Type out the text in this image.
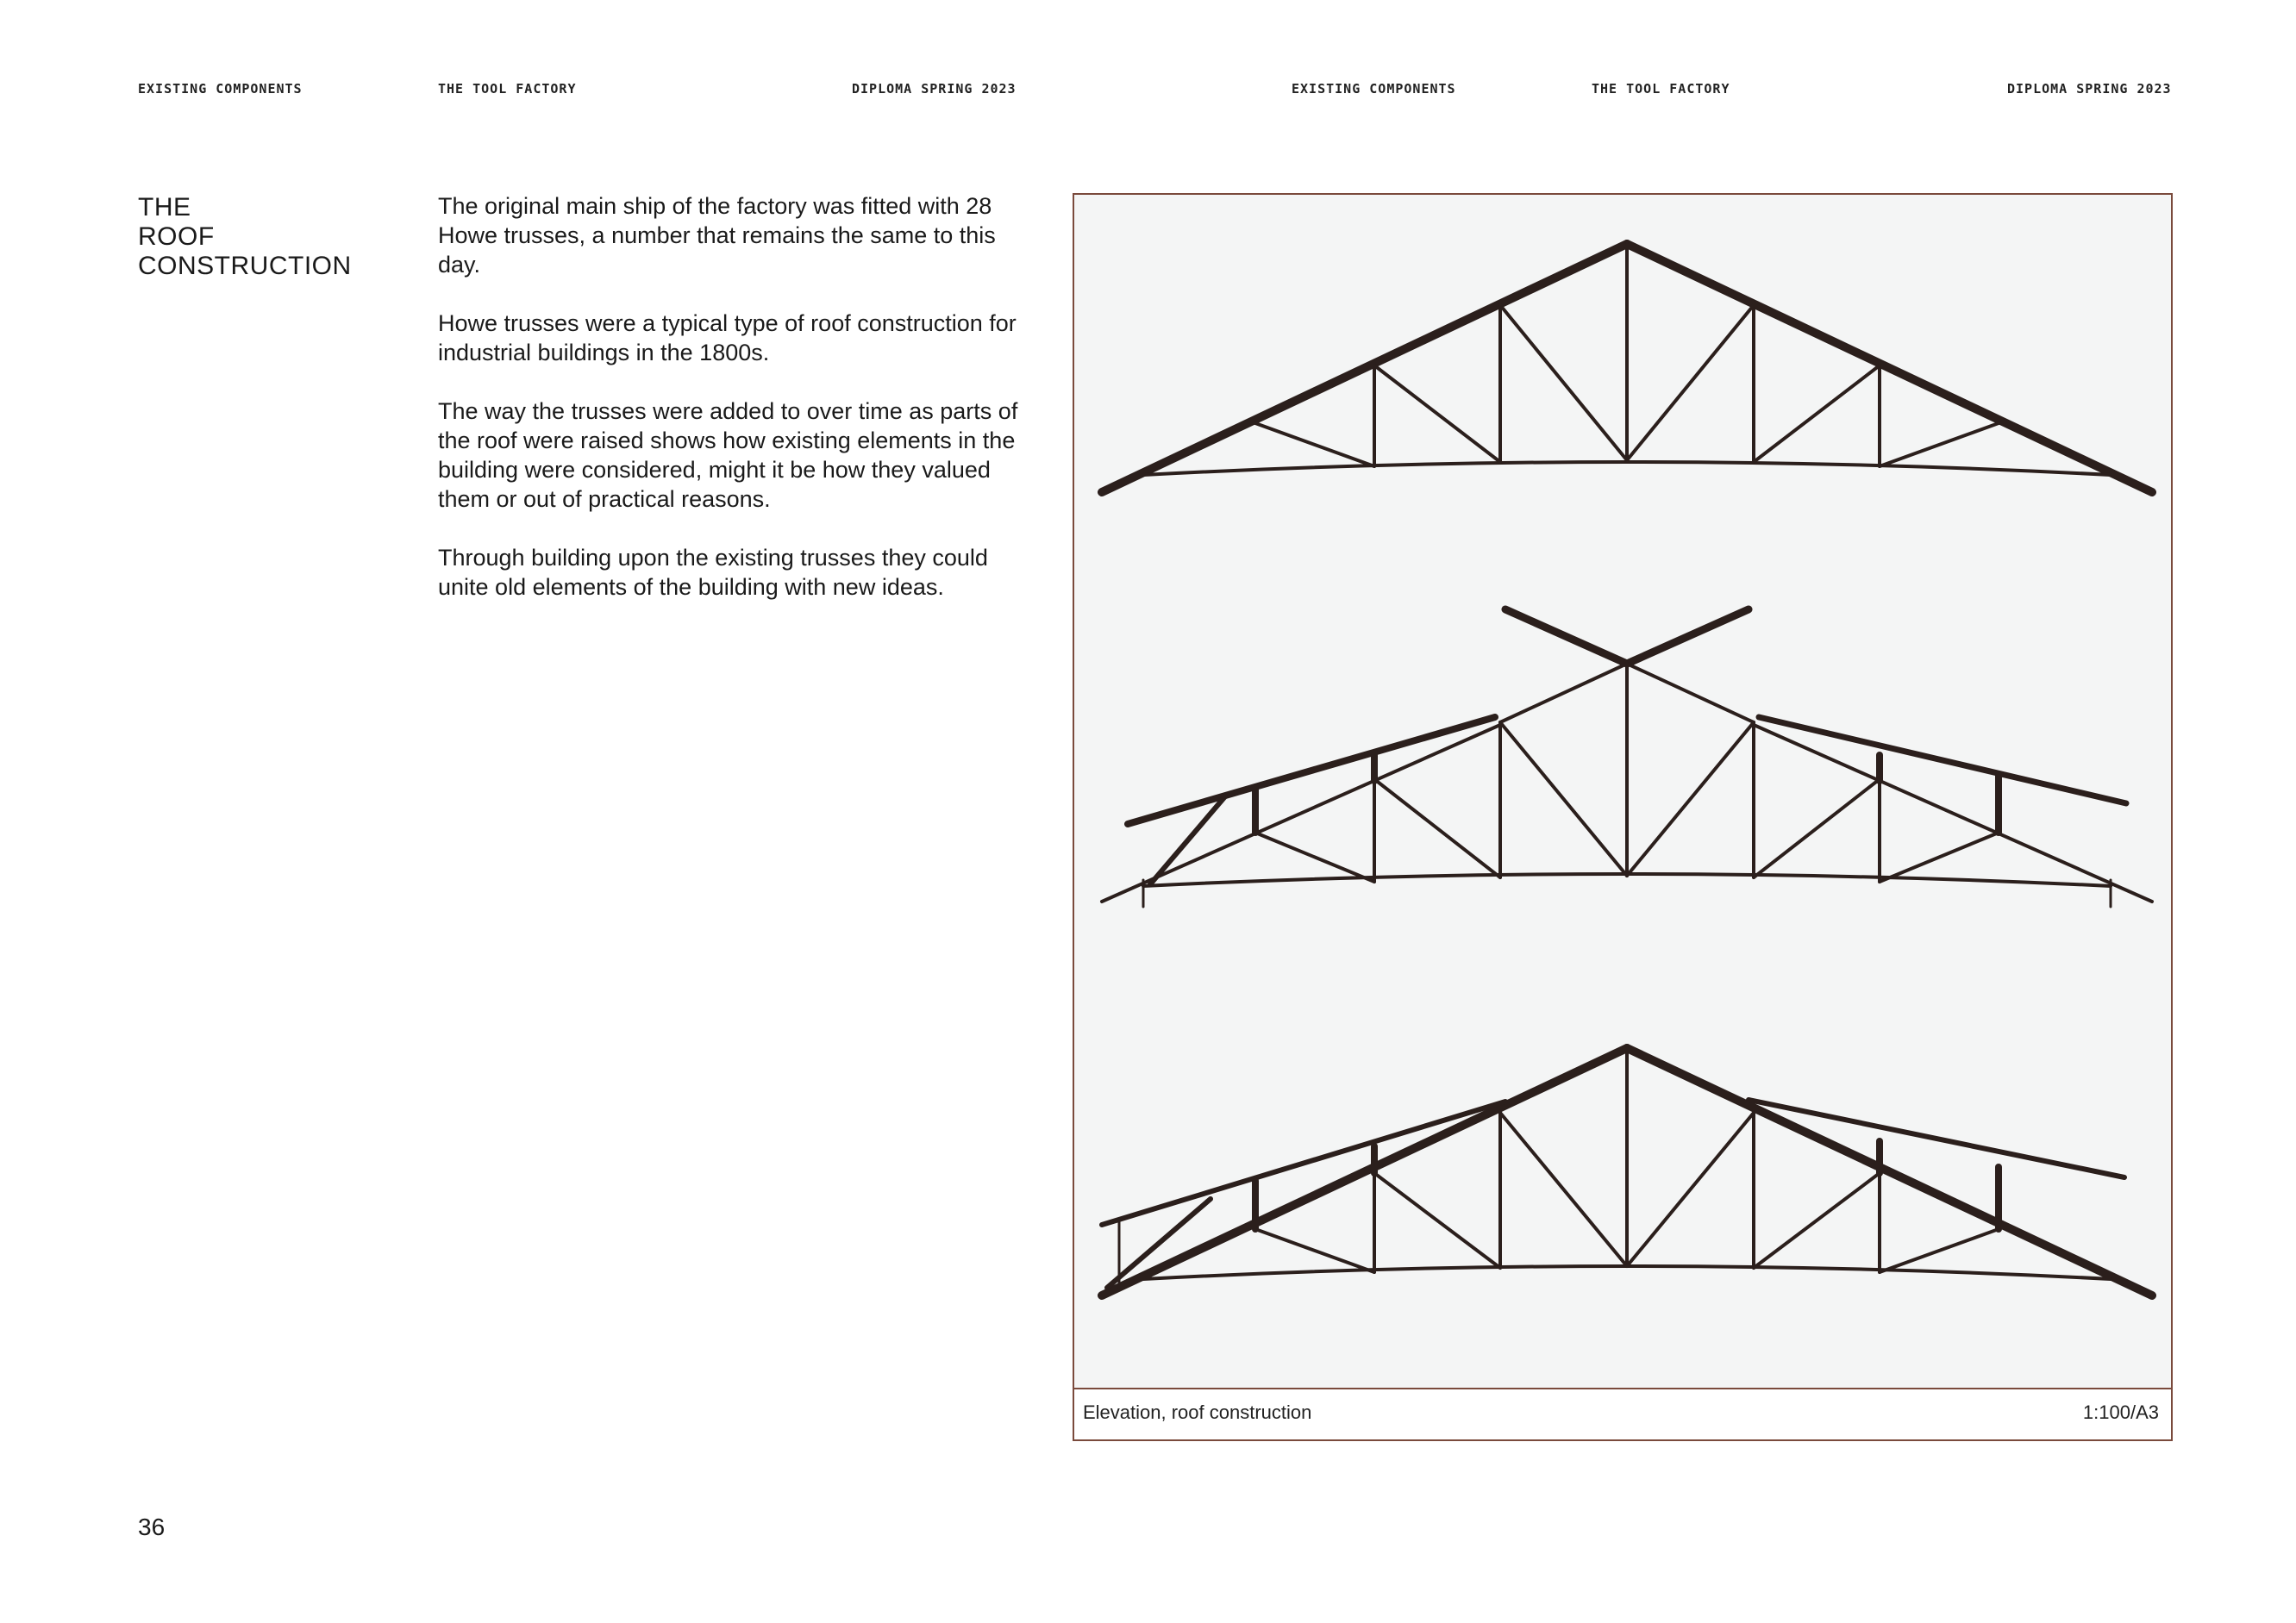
EXISTING COMPONENTS	THE TOOL FACTORY	DIPLOMA SPRING 2023	EXISTING COMPONENTS	THE TOOL FACTORY	DIPLOMA SPRING 2023
THE
ROOF
CONSTRUCTION

The original main ship of the factory was fitted with 28 Howe trusses, a number that remains the same to this day.

Howe trusses were a typical type of roof construction for industrial buildings in the 1800s.

The way the trusses were added to over time as parts of the roof were raised shows how existing elements in the building were considered, might it be how they valued them or out of practical reasons.

Through building upon the existing trusses they could unite old elements of the building with new ideas.

Elevation, roof construction	1:100/A3
36
